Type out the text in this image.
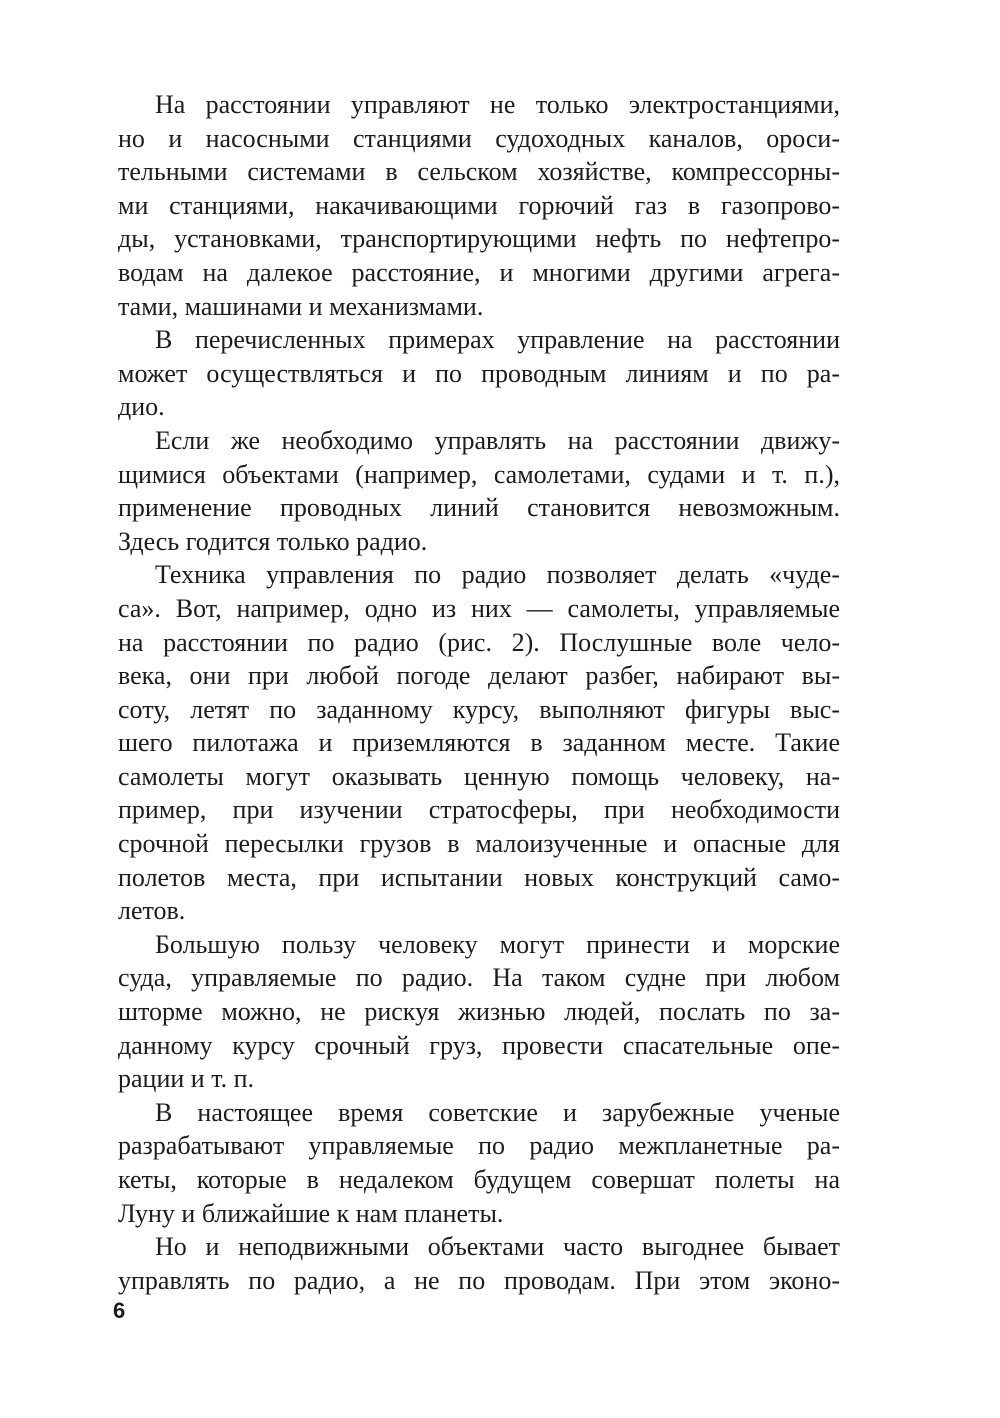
На расстоянии управляют не только электростанциями,
но и насосными станциями судоходных каналов, ороси-
тельными системами в сельском хозяйстве, компрессорны-
ми станциями, накачивающими горючий газ в газопрово-
ды, установками, транспортирующими нефть по нефтепро-
водам на далекое расстояние, и многими другими агрега-
тами, машинами и механизмами.
В перечисленных примерах управление на расстоянии
может осуществляться и по проводным линиям и по ра-
дио.
Если же необходимо управлять на расстоянии движу-
щимися объектами (например, самолетами, судами и т. п.),
применение проводных линий становится невозможным.
Здесь годится только радио.
Техника управления по радио позволяет делать «чуде-
са». Вот, например, одно из них — самолеты, управляемые
на расстоянии по радио (рис. 2). Послушные воле чело-
века, они при любой погоде делают разбег, набирают вы-
соту, летят по заданному курсу, выполняют фигуры выс-
шего пилотажа и приземляются в заданном месте. Такие
самолеты могут оказывать ценную помощь человеку, на-
пример, при изучении стратосферы, при необходимости
срочной пересылки грузов в малоизученные и опасные для
полетов места, при испытании новых конструкций само-
летов.
Большую пользу человеку могут принести и морские
суда, управляемые по радио. На таком судне при любом
шторме можно, не рискуя жизнью людей, послать по за-
данному курсу срочный груз, провести спасательные опе-
рации и т. п.
В настоящее время советские и зарубежные ученые
разрабатывают управляемые по радио межпланетные ра-
кеты, которые в недалеком будущем совершат полеты на
Луну и ближайшие к нам планеты.
Но и неподвижными объектами часто выгоднее бывает
управлять по радио, а не по проводам. При этом эконо-
6
